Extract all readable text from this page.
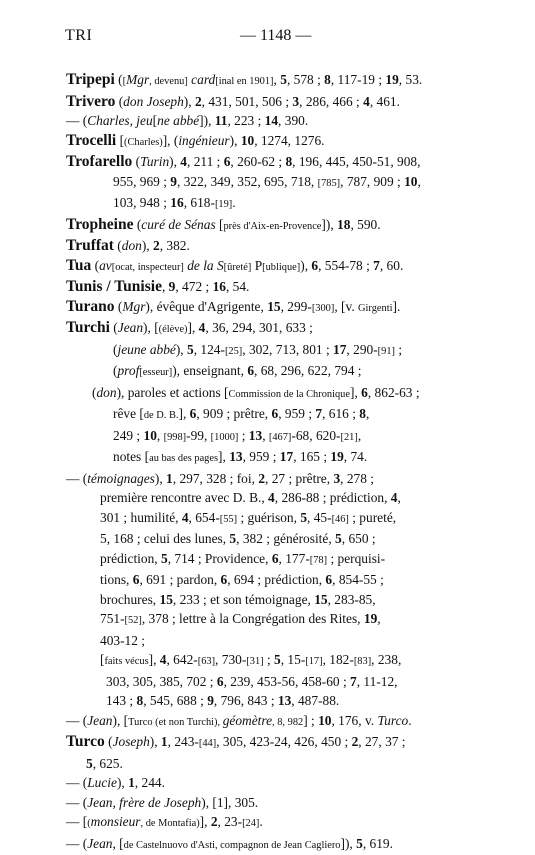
TRI	— 1148 —
Tripepi ([Mgr, devenu] card[inal en 1901], 5, 578 ; 8, 117-19 ; 19, 53.
Trivero (don Joseph), 2, 431, 501, 506 ; 3, 286, 466 ; 4, 461.
— (Charles, jeu[ne abbé]), 11, 223 ; 14, 390.
Trocelli [(Charles)], (ingénieur), 10, 1274, 1276.
Trofarello (Turin), 4, 211 ; 6, 260-62 ; 8, 196, 445, 450-51, 908,
955, 969 ; 9, 322, 349, 352, 695, 718, [785], 787, 909 ; 10,
103, 948 ; 16, 618-[19].
Tropheine (curé de Sénas [près d'Aix-en-Provence]), 18, 590.
Truffat (don), 2, 382.
Tua (av[ocat, inspecteur] de la S[ûreté] P[ublique]), 6, 554-78 ; 7, 60.
Tunis / Tunisie, 9, 472 ; 16, 54.
Turano (Mgr), évêque d'Agrigente, 15, 299-[300], [v. Girgenti].
Turchi (Jean), [(élève)], 4, 36, 294, 301, 633 ;
(jeune abbé), 5, 124-[25], 302, 713, 801 ; 17, 290-[91] ;
(prof[esseur]), enseignant, 6, 68, 296, 622, 794 ;
(don), paroles et actions [Commission de la Chronique], 6, 862-63 ;
rêve [de D. B.], 6, 909 ; prêtre, 6, 959 ; 7, 616 ; 8,
249 ; 10, [998]-99, [1000] ; 13, [467]-68, 620-[21],
notes [au bas des pages], 13, 959 ; 17, 165 ; 19, 74.
— (témoignages), 1, 297, 328 ; foi, 2, 27 ; prêtre, 3, 278 ;
première rencontre avec D. B., 4, 286-88 ; prédiction, 4,
301 ; humilité, 4, 654-[55] ; guérison, 5, 45-[46] ; pureté,
5, 168 ; celui des lunes, 5, 382 ; générosité, 5, 650 ;
prédiction, 5, 714 ; Providence, 6, 177-[78] ; perquisi-
tions, 6, 691 ; pardon, 6, 694 ; prédiction, 6, 854-55 ;
brochures, 15, 233 ; et son témoignage, 15, 283-85,
751-[52], 378 ; lettre à la Congrégation des Rites, 19,
403-12 ;
[faits vécus], 4, 642-[63], 730-[31] ; 5, 15-[17], 182-[83], 238,
303, 305, 385, 702 ; 6, 239, 453-56, 458-60 ; 7, 11-12,
143 ; 8, 545, 688 ; 9, 796, 843 ; 13, 487-88.
— (Jean), [Turco (et non Turchi), géomètre, 8, 982] ; 10, 176, v. Turco.
Turco (Joseph), 1, 243-[44], 305, 423-24, 426, 450 ; 2, 27, 37 ;
5, 625.
— (Lucie), 1, 244.
— (Jean, frère de Joseph), [1], 305.
— [(monsieur, de Montafia)], 2, 23-[24].
— (Jean, [de Castelnuovo d'Asti, compagnon de Jean Cagliero]), 5, 619.
